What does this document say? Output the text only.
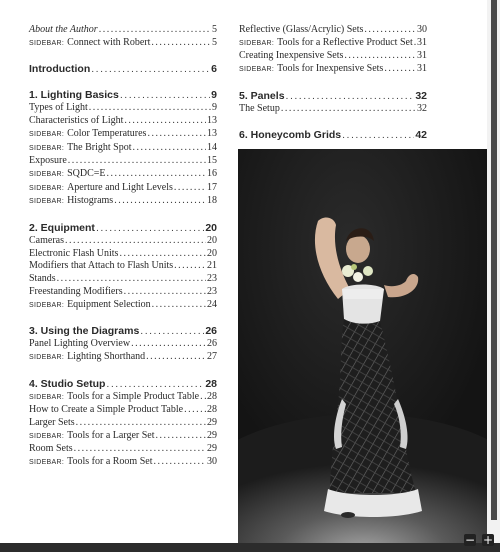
About the Author .....	5
SIDEBAR: Connect with Robert .....	5
Introduction .....	6
1. Lighting Basics .....	9
Types of Light .....	9
Characteristics of Light .....	13
SIDEBAR: Color Temperatures .....	13
SIDEBAR: The Bright Spot .....	14
Exposure .....	15
SIDEBAR: SQDC=E .....	16
SIDEBAR: Aperture and Light Levels .....	17
SIDEBAR: Histograms .....	18
2. Equipment .....	20
Cameras .....	20
Electronic Flash Units .....	20
Modifiers that Attach to Flash Units .....	21
Stands .....	23
Freestanding Modifiers .....	23
SIDEBAR: Equipment Selection .....	24
3. Using the Diagrams .....	26
Panel Lighting Overview .....	26
SIDEBAR: Lighting Shorthand .....	27
4. Studio Setup .....	28
SIDEBAR: Tools for a Simple Product Table ..... 28
How to Create a Simple Product Table ..... 28
Larger Sets .....	29
SIDEBAR: Tools for a Larger Set .....	29
Room Sets .....	29
SIDEBAR: Tools for a Room Set .....	30
Reflective (Glass/Acrylic) Sets .....	30
SIDEBAR: Tools for a Reflective Product Set ..... 31
Creating Inexpensive Sets .....	31
SIDEBAR: Tools for Inexpensive Sets .....	31
5. Panels .....	32
The Setup .....	32
6. Honeycomb Grids .....	42
− +
